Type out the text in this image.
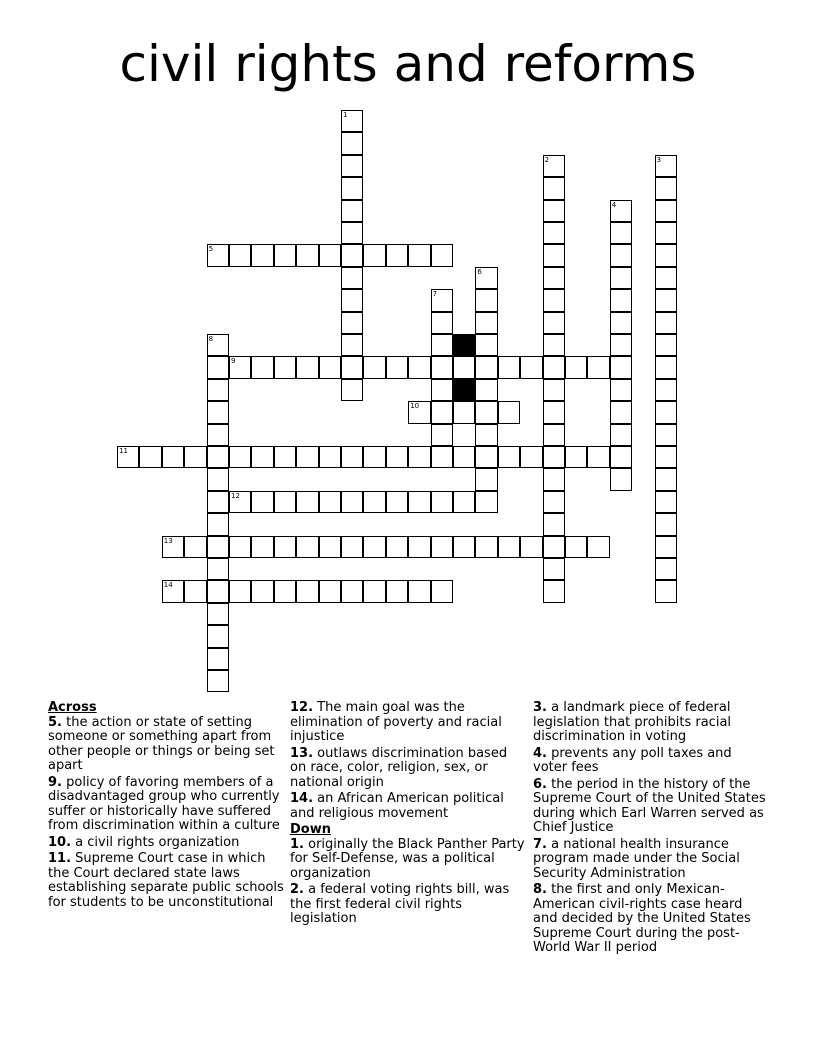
civil rights and reforms
1
2	3
4
5
6
7
8
9
10
11
12
13
14
Across
5. the action or state of setting someone or something apart from other people or things or being set apart
9. policy of favoring members of a disadvantaged group who currently suffer or historically have suffered from discrimination within a culture
10. a civil rights organization
11. Supreme Court case in which the Court declared state laws establishing separate public schools for students to be unconstitutional
12. The main goal was the elimination of poverty and racial injustice
13. outlaws discrimination based on race, color, religion, sex, or national origin
14. an African American political and religious movement
Down
1. originally the Black Panther Party for Self-Defense, was a political organization
2. a federal voting rights bill, was the first federal civil rights legislation
3. a landmark piece of federal legislation that prohibits racial discrimination in voting
4. prevents any poll taxes and voter fees
6. the period in the history of the Supreme Court of the United States during which Earl Warren served as Chief Justice
7. a national health insurance program made under the Social Security Administration
8. the first and only Mexican-American civil-rights case heard and decided by the United States Supreme Court during the post-World War II period
